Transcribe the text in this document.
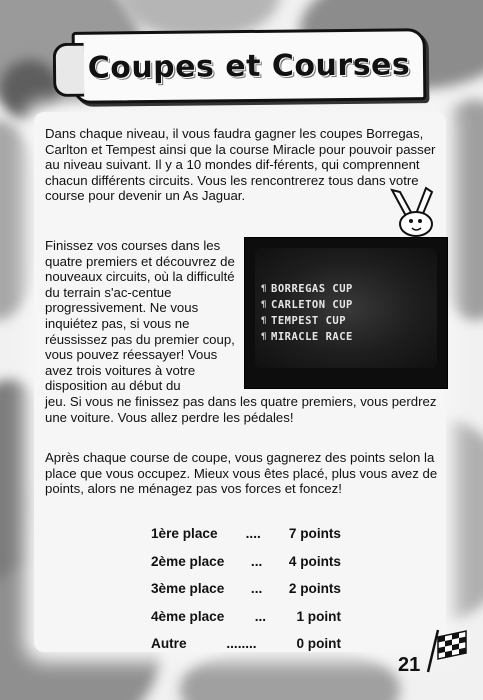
Coupes et Courses
Dans chaque niveau, il vous faudra gagner les coupes Borregas, Carlton et Tempest ainsi que la course Miracle pour pouvoir passer au niveau suivant. Il y a 10 mondes dif-férents, qui comprennent chacun différents circuits. Vous les rencontrerez tous dans votre course pour devenir un As Jaguar.
Finissez vos courses dans les quatre premiers et découvrez de nouveaux circuits, où la difficulté du terrain s'ac-centue progressivement. Ne vous inquiétez pas, si vous ne réussissez pas du premier coup, vous pouvez réessayer! Vous avez trois voitures à votre disposition au début du
¶ BORREGAS CUP
¶ CARLETON CUP
¶ TEMPEST CUP
¶ MIRACLE RACE
jeu. Si vous ne finissez pas dans les quatre premiers, vous perdrez une voiture. Vous allez perdre les pédales!
Après chaque course de coupe, vous gagnerez des points selon la place que vous occupez. Mieux vous êtes placé, plus vous avez de points, alors ne ménagez pas vos forces et foncez!
1ère place .... 7 points
2ème place ... 4 points
3ème place ... 2 points
4ème place ... 1 point
Autre	........	0 point
21
